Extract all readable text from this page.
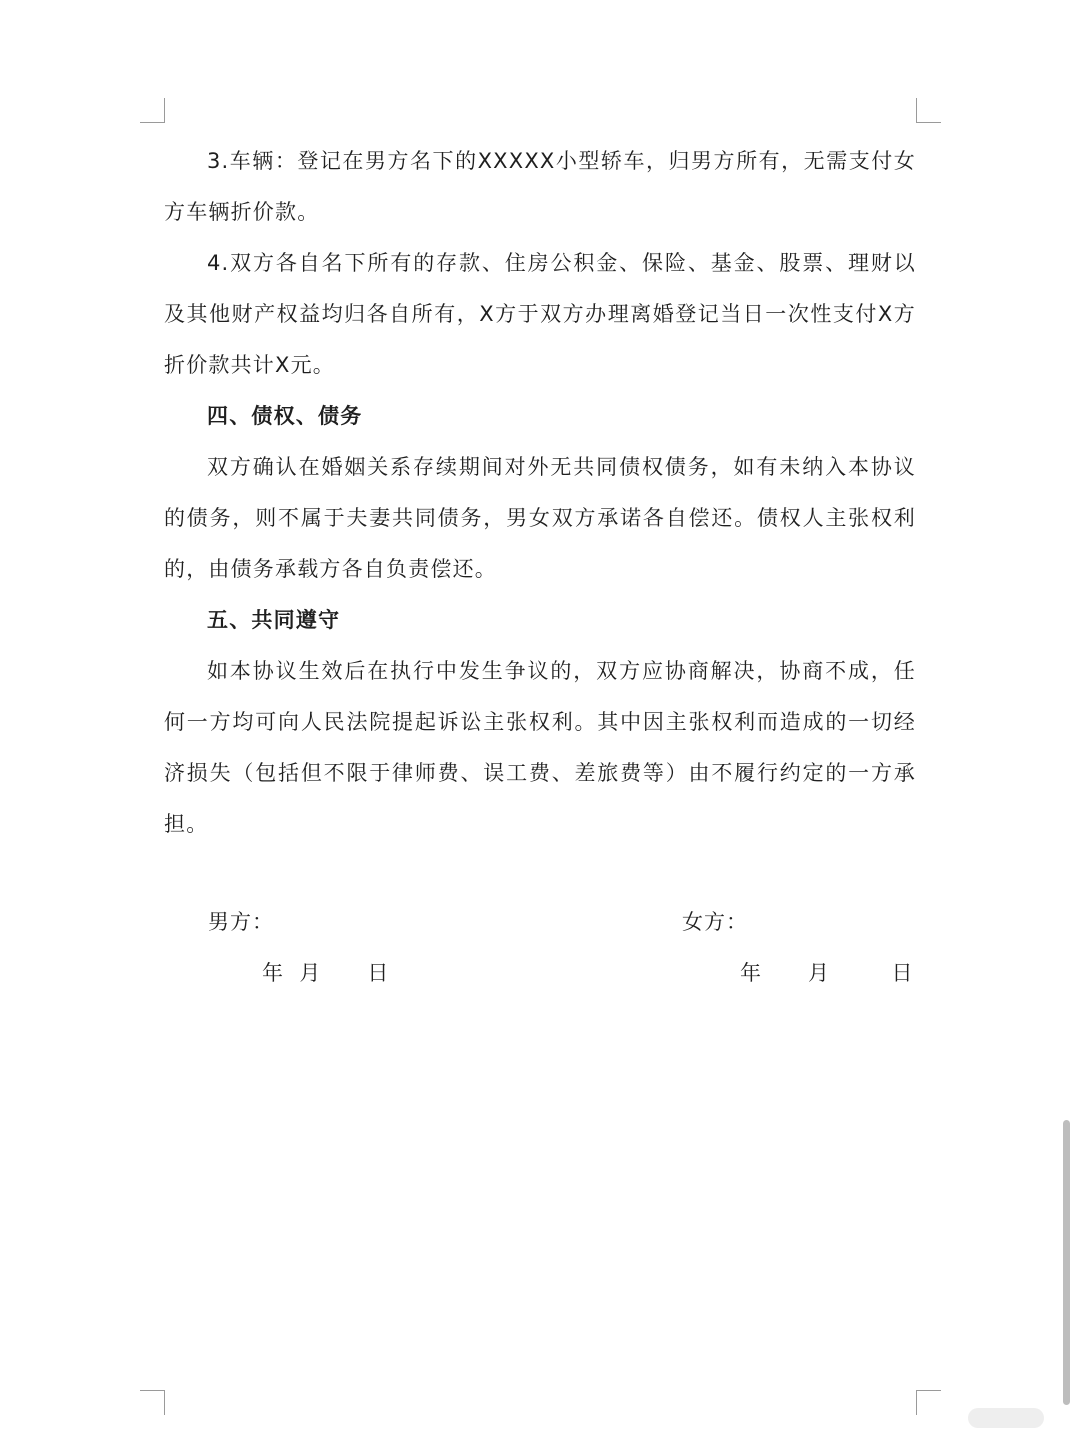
3.车辆：登记在男方名下的XXXXX小型轿车，归男方所有，无需支付女方车辆折价款。

4.双方各自名下所有的存款、住房公积金、保险、基金、股票、理财以及其他财产权益均归各自所有，X方于双方办理离婚登记当日一次性支付X方折价款共计X元。

四、债权、债务

双方确认在婚姻关系存续期间对外无共同债权债务，如有未纳入本协议的债务，则不属于夫妻共同债务，男女双方承诺各自偿还。债权人主张权利的，由债务承载方各自负责偿还。

五、共同遵守

如本协议生效后在执行中发生争议的，双方应协商解决，协商不成，任何一方均可向人民法院提起诉讼主张权利。其中因主张权利而造成的一切经济损失（包括但不限于律师费、误工费、差旅费等）由不履行约定的一方承担。

男方：	女方：
年  月      日	年      月        日
